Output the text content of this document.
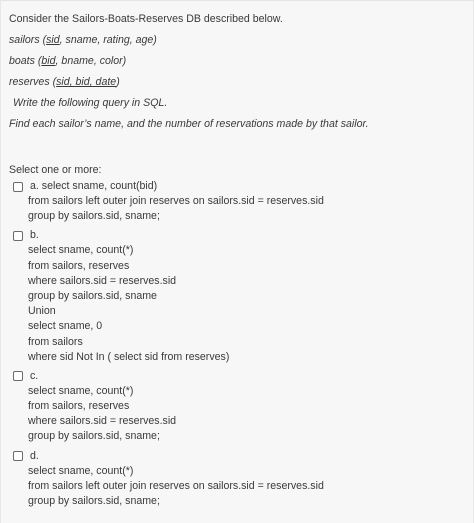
Consider the Sailors-Boats-Reserves DB described below.
sailors (sid, sname, rating, age)
boats (bid, bname, color)
reserves (sid, bid, date)
Write the following query in SQL.
Find each sailor’s name, and the number of reservations made by that sailor.
Select one or more:
a.
select sname, count(bid)
from sailors left outer join reserves on sailors.sid = reserves.sid
group by sailors.sid, sname;
b.
select sname, count(*)
from sailors, reserves
where sailors.sid = reserves.sid
group by sailors.sid, sname
Union
select sname, 0
from sailors
where sid Not In ( select sid from reserves)
c.
select sname, count(*)
from sailors, reserves
where sailors.sid = reserves.sid
group by sailors.sid, sname;
d.
select sname, count(*)
from sailors left outer join reserves on sailors.sid = reserves.sid
group by sailors.sid, sname;
